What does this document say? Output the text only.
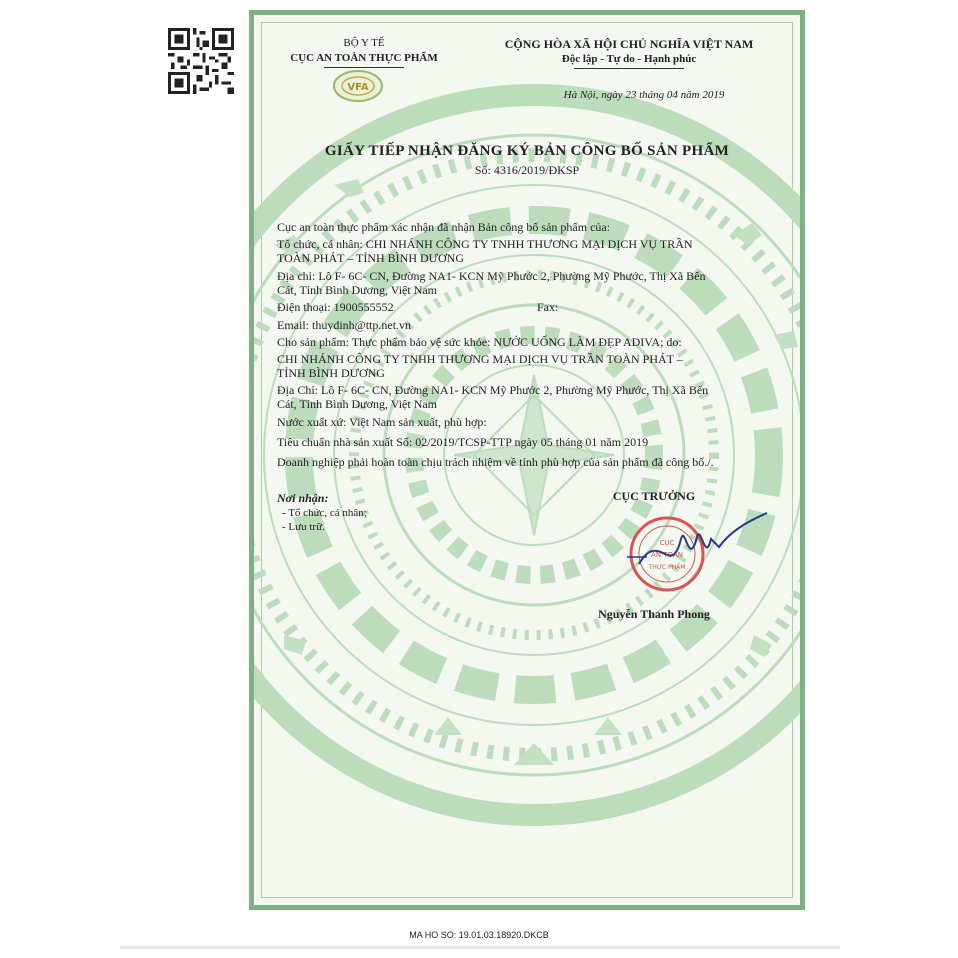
BỘ Y TẾ
CỤC AN TOÀN THỰC PHẨM
VFA
CỘNG HÒA XÃ HỘI CHỦ NGHĨA VIỆT NAM
Độc lập - Tự do - Hạnh phúc
Hà Nội, ngày 23 tháng 04 năm 2019
GIẤY TIẾP NHẬN ĐĂNG KÝ BẢN CÔNG BỐ SẢN PHẨM
Số: 4316/2019/ĐKSP
Cục an toàn thực phẩm xác nhận đã nhận Bản công bố sản phẩm của:
Tổ chức, cá nhân: CHI NHÁNH CÔNG TY TNHH THƯƠNG MẠI DỊCH VỤ TRẦN
TOÀN PHÁT – TỈNH BÌNH DƯƠNG
Địa chỉ: Lô F- 6C- CN, Đường NA1- KCN Mỹ Phước 2, Phường Mỹ Phước, Thị Xã Bến
Cát, Tỉnh Bình Dương, Việt Nam
Điện thoại: 1900555552	Fax:
Email: thuydinh@ttp.net.vn
Cho sản phẩm: Thực phẩm bảo vệ sức khỏe: NƯỚC UỐNG LÀM ĐẸP ADIVA; do:
CHI NHÁNH CÔNG TY TNHH THƯƠNG MẠI DỊCH VỤ TRẦN TOÀN PHÁT –
TỈNH BÌNH DƯƠNG
Địa Chỉ: Lô F- 6C- CN, Đường NA1- KCN Mỹ Phước 2, Phường Mỹ Phước, Thị Xã Bến
Cát, Tỉnh Bình Dương, Việt Nam
Nước xuất xứ: Việt Nam sản xuất, phù hợp:
Tiêu chuẩn nhà sản xuất Số: 02/2019/TCSP-TTP ngày 05 tháng 01 năm 2019
Doanh nghiệp phải hoàn toàn chịu trách nhiệm về tính phù hợp của sản phẩm đã công bố./.
Nơi nhận:
- Tổ chức, cá nhân;
- Lưu trữ.
CỤC TRƯỞNG
CỤC
AN TOÀN
THỰC PHẨM
Nguyễn Thanh Phong
MA HO SO: 19.01.03.18920.DKCB
